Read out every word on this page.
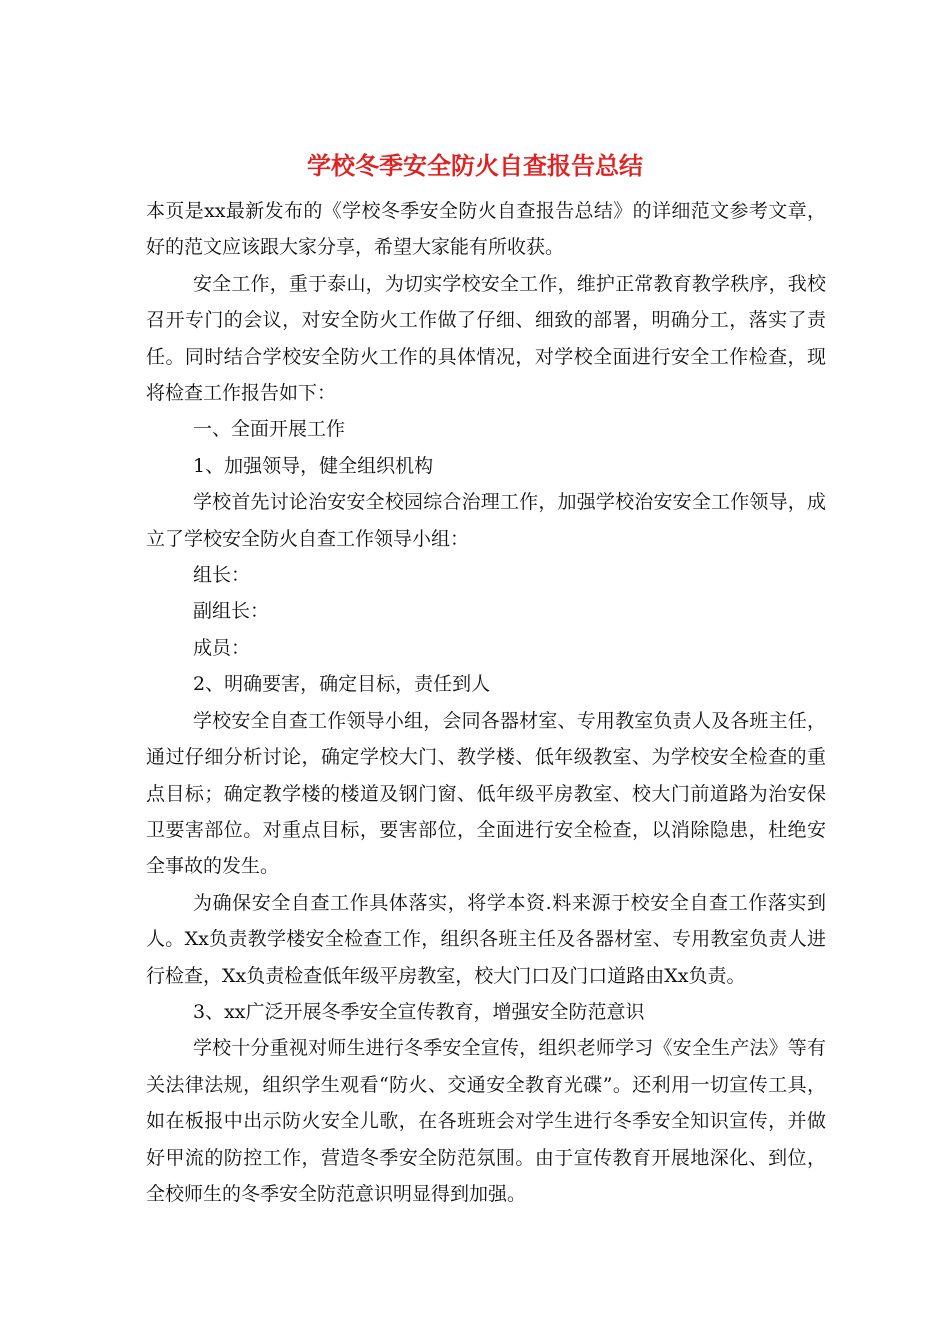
学校冬季安全防火自查报告总结

本页是xx最新发布的《学校冬季安全防火自查报告总结》的详细范文参考文章，好的范文应该跟大家分享，希望大家能有所收获。

安全工作，重于泰山，为切实学校安全工作，维护正常教育教学秩序，我校召开专门的会议，对安全防火工作做了仔细、细致的部署，明确分工，落实了责任。同时结合学校安全防火工作的具体情况，对学校全面进行安全工作检查，现将检查工作报告如下：

一、全面开展工作

1、加强领导，健全组织机构

学校首先讨论治安安全校园综合治理工作，加强学校治安安全工作领导，成立了学校安全防火自查工作领导小组：

组长：

副组长：

成员：

2、明确要害，确定目标，责任到人

学校安全自查工作领导小组，会同各器材室、专用教室负责人及各班主任，通过仔细分析讨论，确定学校大门、教学楼、低年级教室、为学校安全检查的重点目标；确定教学楼的楼道及钢门窗、低年级平房教室、校大门前道路为治安保卫要害部位。对重点目标，要害部位，全面进行安全检查，以消除隐患，杜绝安全事故的发生。

为确保安全自查工作具体落实，将学本资.料来源于校安全自查工作落实到人。Xx负责教学楼安全检查工作，组织各班主任及各器材室、专用教室负责人进行检查，Xx负责检查低年级平房教室，校大门口及门口道路由Xx负责。

3、xx广泛开展冬季安全宣传教育，增强安全防范意识

学校十分重视对师生进行冬季安全宣传，组织老师学习《安全生产法》等有关法律法规，组织学生观看“防火、交通安全教育光碟”。还利用一切宣传工具，如在板报中出示防火安全儿歌，在各班班会对学生进行冬季安全知识宣传，并做好甲流的防控工作，营造冬季安全防范氛围。由于宣传教育开展地深化、到位，全校师生的冬季安全防范意识明显得到加强。
